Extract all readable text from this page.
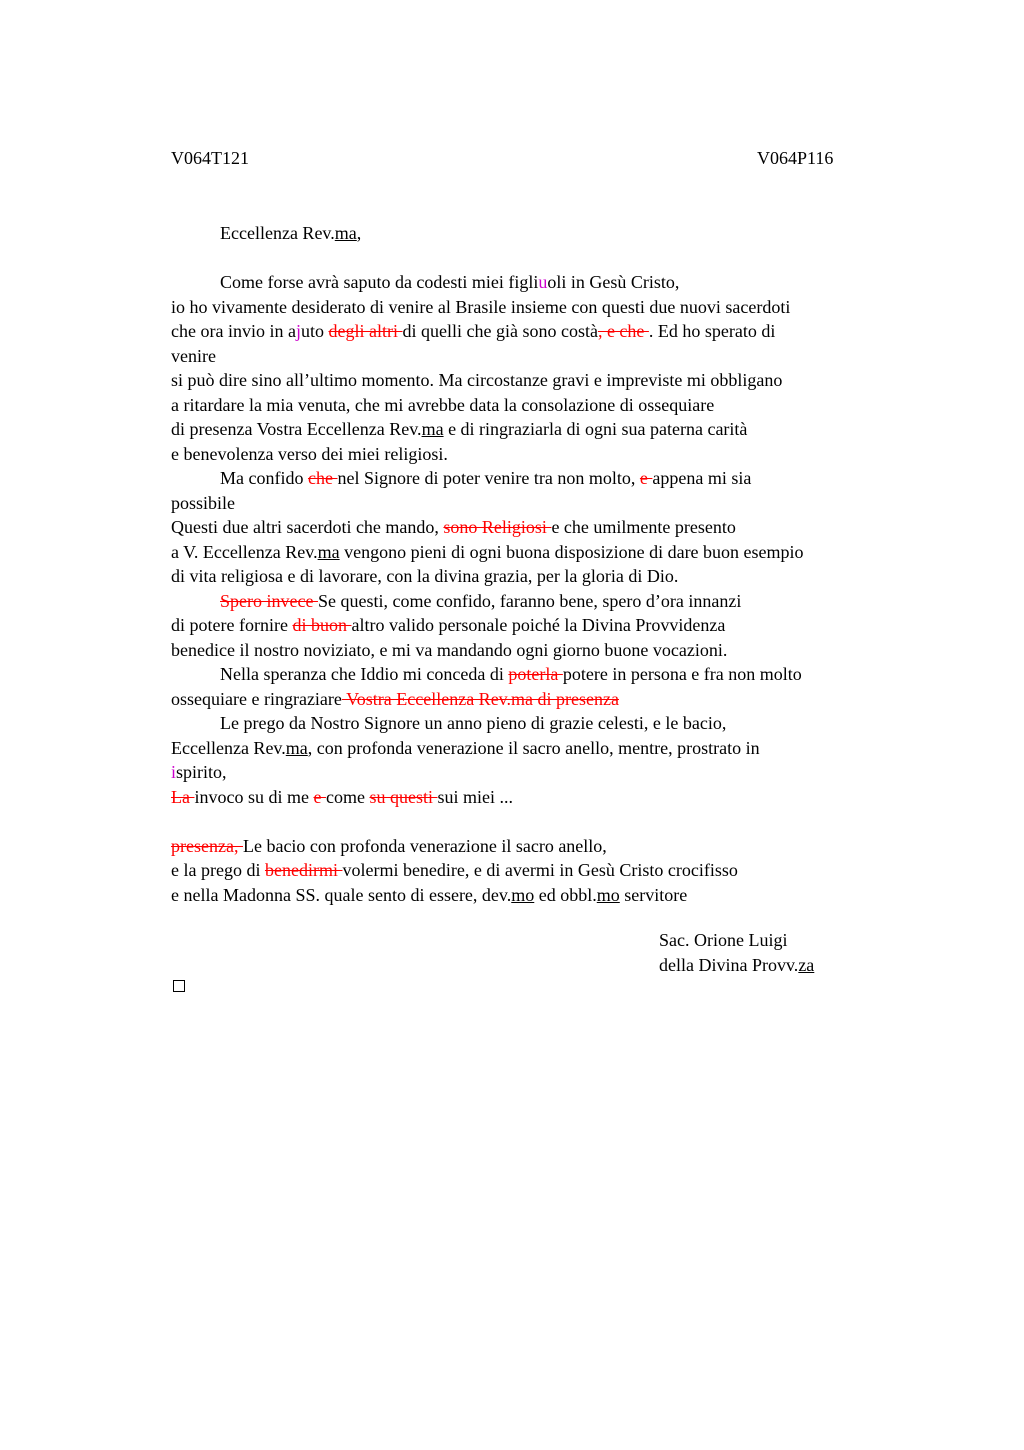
V064T121	V064P116
Eccellenza Rev.ma,
Come forse avrà saputo da codesti miei figliuoli in Gesù Cristo,
io ho vivamente desiderato di venire al Brasile insieme con questi due nuovi sacerdoti
che ora invio in ajuto degli altri di quelli che già sono costà, e che . Ed ho sperato di
venire
si può dire sino all’ultimo momento. Ma circostanze gravi e impreviste mi obbligano
a ritardare la mia venuta, che mi avrebbe data la consolazione di ossequiare
di presenza Vostra Eccellenza Rev.ma e di ringraziarla di ogni sua paterna carità
e benevolenza verso dei miei religiosi.
Ma confido che nel Signore di poter venire tra non molto, e appena mi sia
possibile
Questi due altri sacerdoti che mando, sono Religiosi e che umilmente presento
a V. Eccellenza Rev.ma vengono pieni di ogni buona disposizione di dare buon esempio
di vita religiosa e di lavorare, con la divina grazia, per la gloria di Dio.
Spero invece Se questi, come confido, faranno bene, spero d’ora innanzi
di potere fornire di buon altro valido personale poiché la Divina Provvidenza
benedice il nostro noviziato, e mi va mandando ogni giorno buone vocazioni.
Nella speranza che Iddio mi conceda di poterla potere in persona e fra non molto
ossequiare e ringraziare Vostra Eccellenza Rev.ma di presenza
Le prego da Nostro Signore un anno pieno di grazie celesti, e le bacio,
Eccellenza Rev.ma, con profonda venerazione il sacro anello, mentre, prostrato in
ispirito,
La invoco su di me e come su questi sui miei ...
presenza, Le bacio con profonda venerazione il sacro anello,
e la prego di benedirmi volermi benedire, e di avermi in Gesù Cristo crocifisso
e nella Madonna SS. quale sento di essere, dev.mo ed obbl.mo servitore
Sac. Orione Luigi
della Divina Provv.za
